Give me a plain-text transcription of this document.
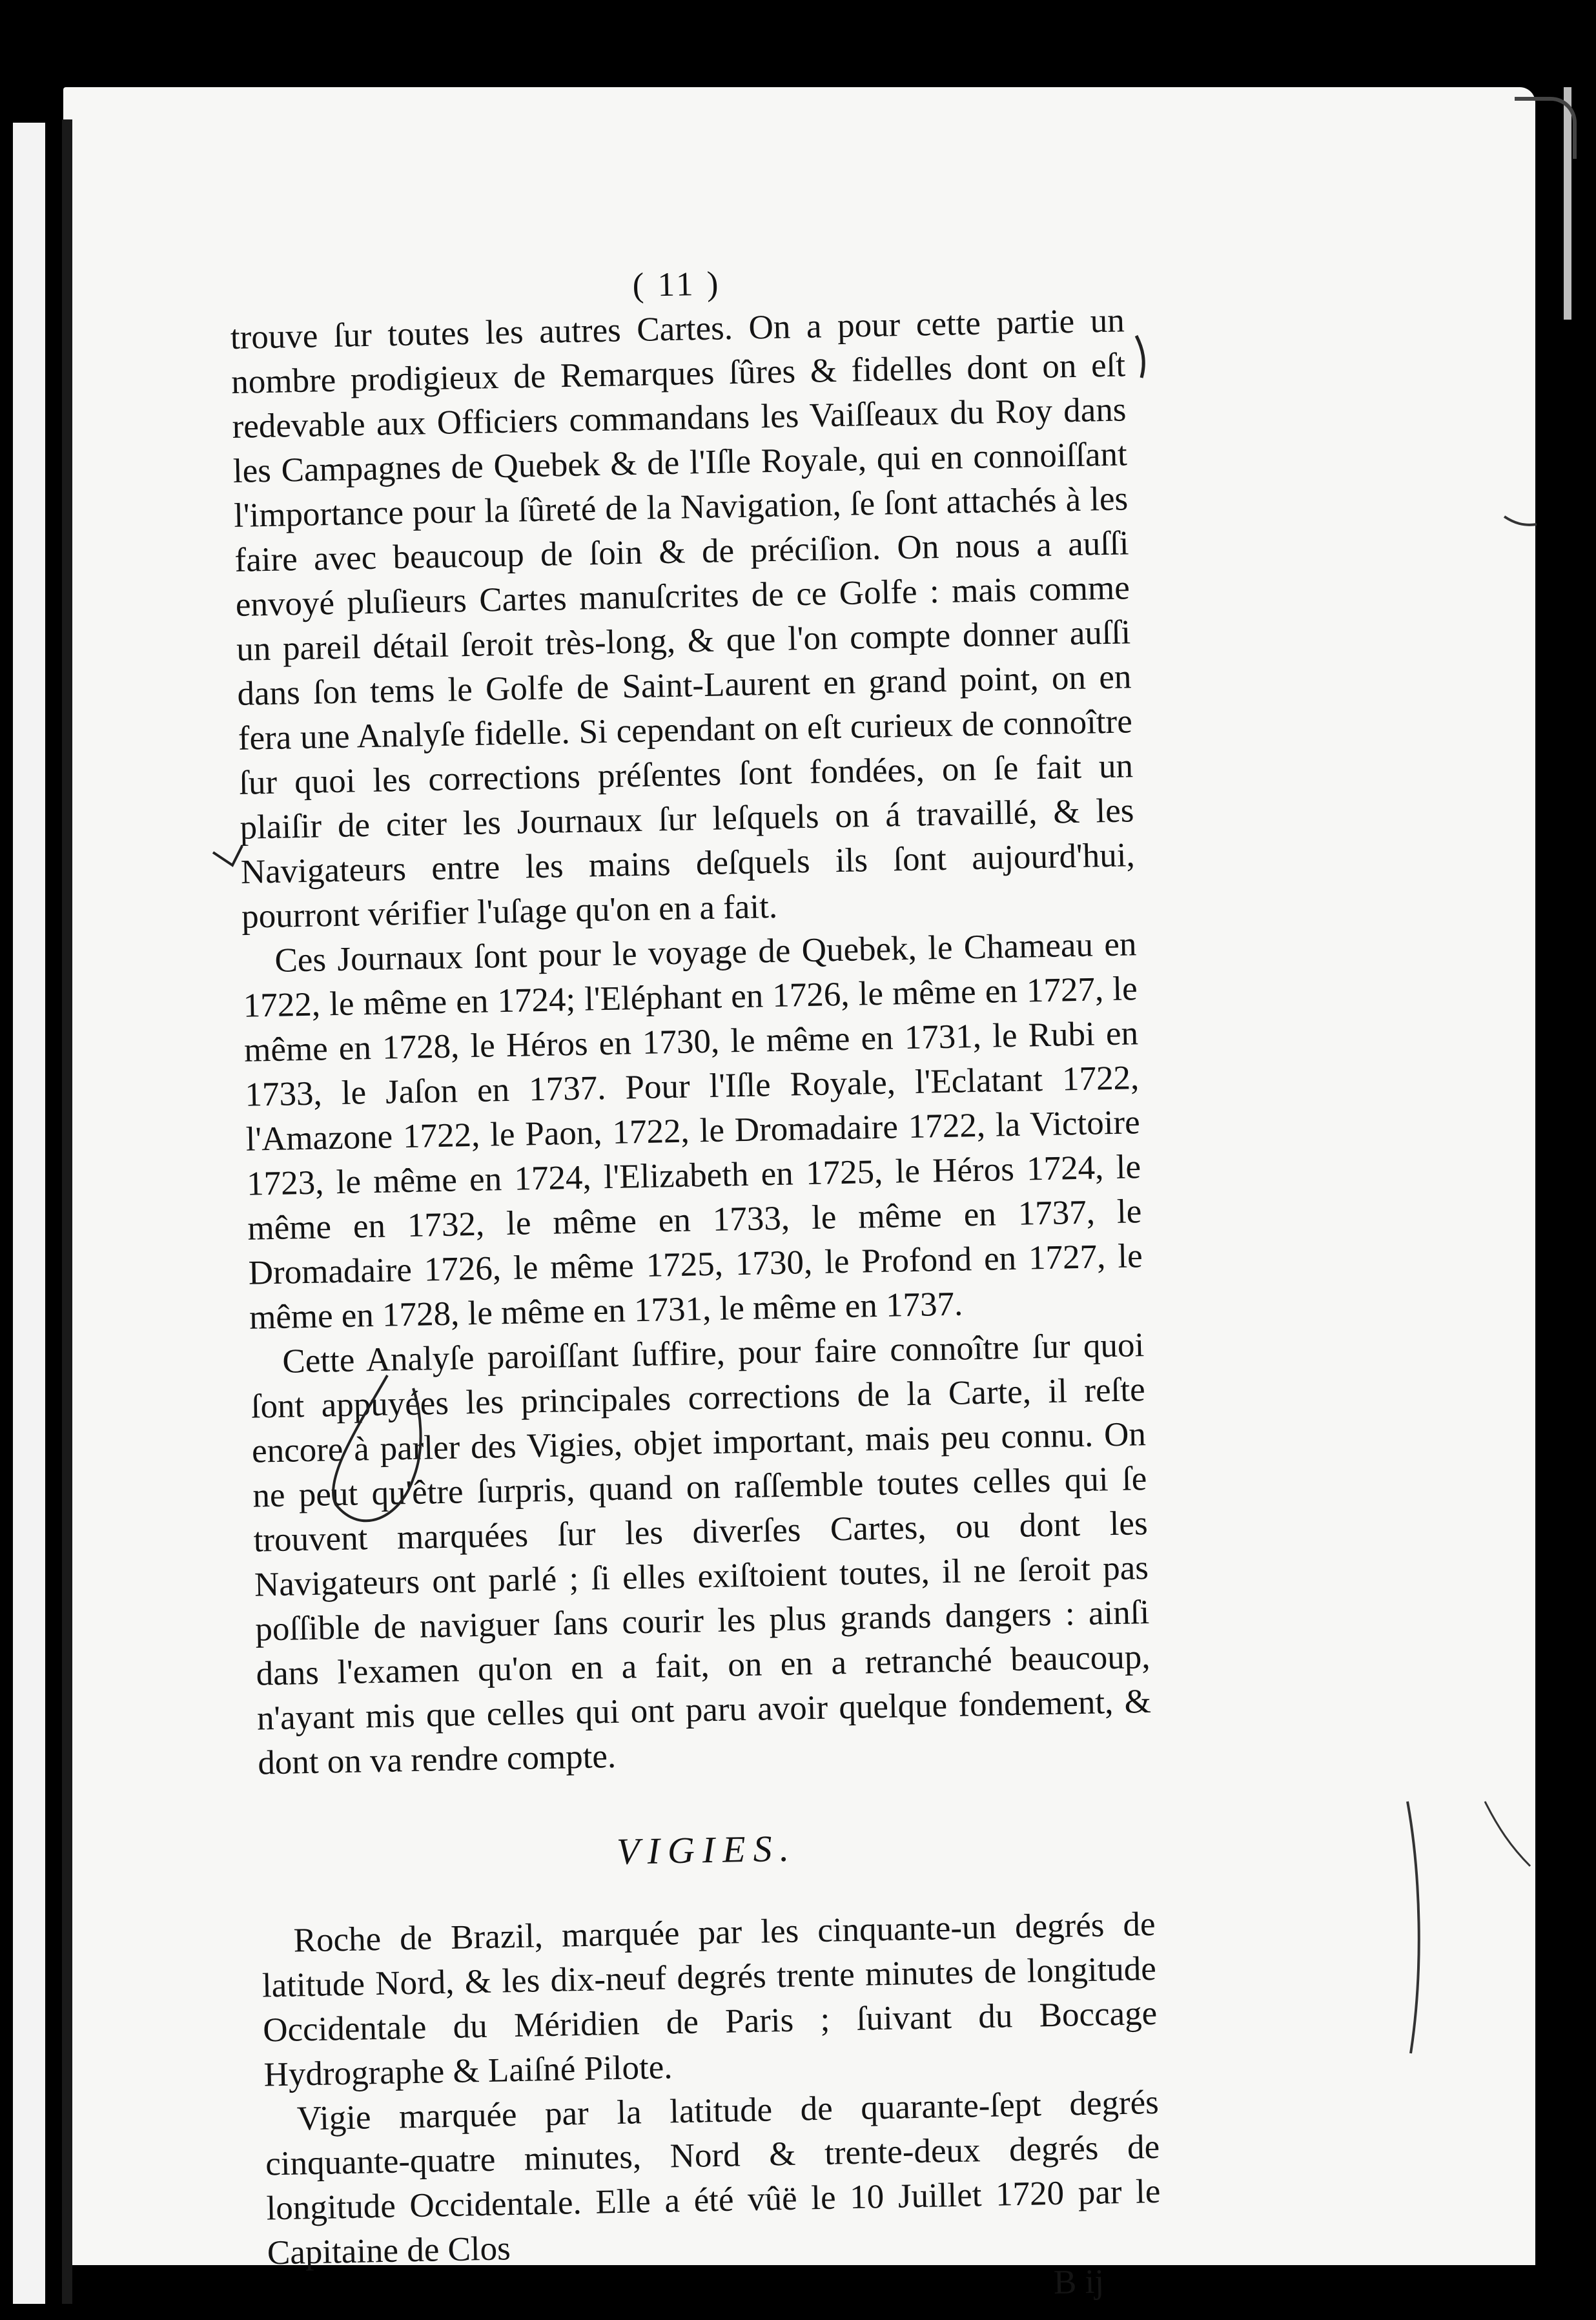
( 11 )

trouve ſur toutes les autres Cartes. On a pour cette partie un nombre prodigieux de Remarques ſûres & fidelles dont on eſt redevable aux Officiers commandans les Vaiſſeaux du Roy dans les Campagnes de Quebek & de l'Iſle Royale, qui en connoiſſant l'importance pour la ſûreté de la Navigation, ſe ſont attachés à les faire avec beaucoup de ſoin & de préciſion. On nous a auſſi envoyé pluſieurs Cartes manuſcrites de ce Golfe : mais comme un pareil détail ſeroit très-long, & que l'on compte donner auſſi dans ſon tems le Golfe de Saint-Laurent en grand point, on en fera une Analyſe fidelle. Si cependant on eſt curieux de connoître ſur quoi les corrections préſentes ſont fondées, on ſe fait un plaiſir de citer les Journaux ſur leſquels on á travaillé, & les Navigateurs entre les mains deſquels ils ſont aujourd'hui, pourront vérifier l'uſage qu'on en a fait.

Ces Journaux ſont pour le voyage de Quebek, le Chameau en 1722, le même en 1724; l'Eléphant en 1726, le même en 1727, le même en 1728, le Héros en 1730, le même en 1731, le Rubi en 1733, le Jaſon en 1737. Pour l'Iſle Royale, l'Eclatant 1722, l'Amazone 1722, le Paon, 1722, le Dromadaire 1722, la Victoire 1723, le même en 1724, l'Elizabeth en 1725, le Héros 1724, le même en 1732, le même en 1733, le même en 1737, le Dromadaire 1726, le même 1725, 1730, le Profond en 1727, le même en 1728, le même en 1731, le même en 1737.

Cette Analyſe paroiſſant ſuffire, pour faire connoître ſur quoi ſont appuyées les principales corrections de la Carte, il reſte encore à parler des Vigies, objet important, mais peu connu. On ne peut qu'être ſurpris, quand on raſſemble toutes celles qui ſe trouvent marquées ſur les diverſes Cartes, ou dont les Navigateurs ont parlé ; ſi elles exiſtoient toutes, il ne ſeroit pas poſſible de naviguer ſans courir les plus grands dangers : ainſi dans l'examen qu'on en a fait, on en a retranché beaucoup, n'ayant mis que celles qui ont paru avoir quelque fondement, & dont on va rendre compte.

VIGIES.

Roche de Brazil, marquée par les cinquante-un degrés de latitude Nord, & les dix-neuf degrés trente minutes de longitude Occidentale du Méridien de Paris ; ſuivant du Boccage Hydrographe & Laiſné Pilote.

Vigie marquée par la latitude de quarante-ſept degrés cinquante-quatre minutes, Nord & trente-deux degrés de longitude Occidentale. Elle a été vûë le 10 Juillet 1720 par le Capitaine de Clos

B ij
